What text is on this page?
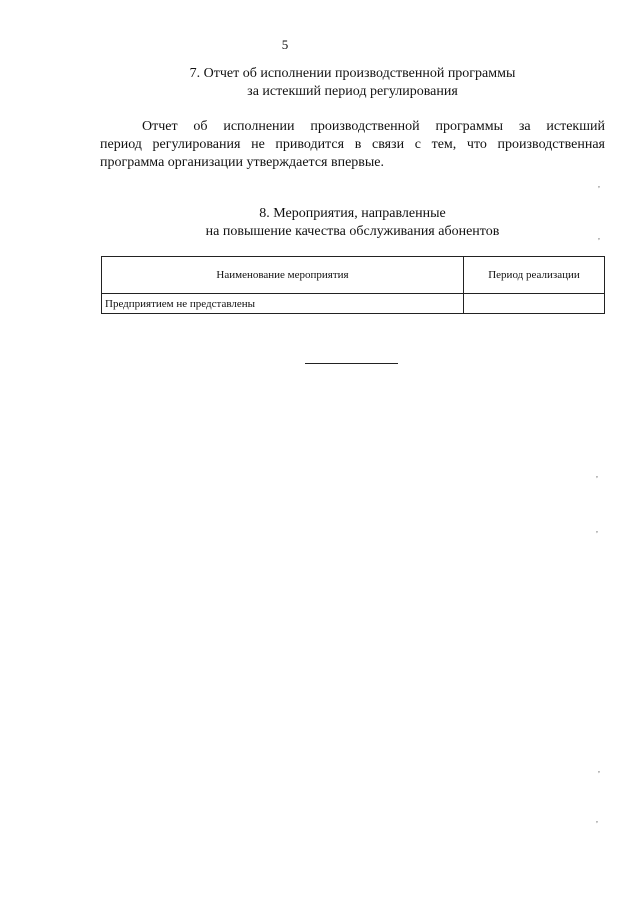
5
7. Отчет об исполнении производственной программы
за истекший период регулирования
Отчет об исполнении производственной программы за истекший
период регулирования не приводится в связи с тем, что производственная
программа организации утверждается впервые.
8. Мероприятия, направленные
на повышение качества обслуживания абонентов
Наименование мероприятия	Период реализации
Предприятием не представлены	
,
,
,
,
,
,
